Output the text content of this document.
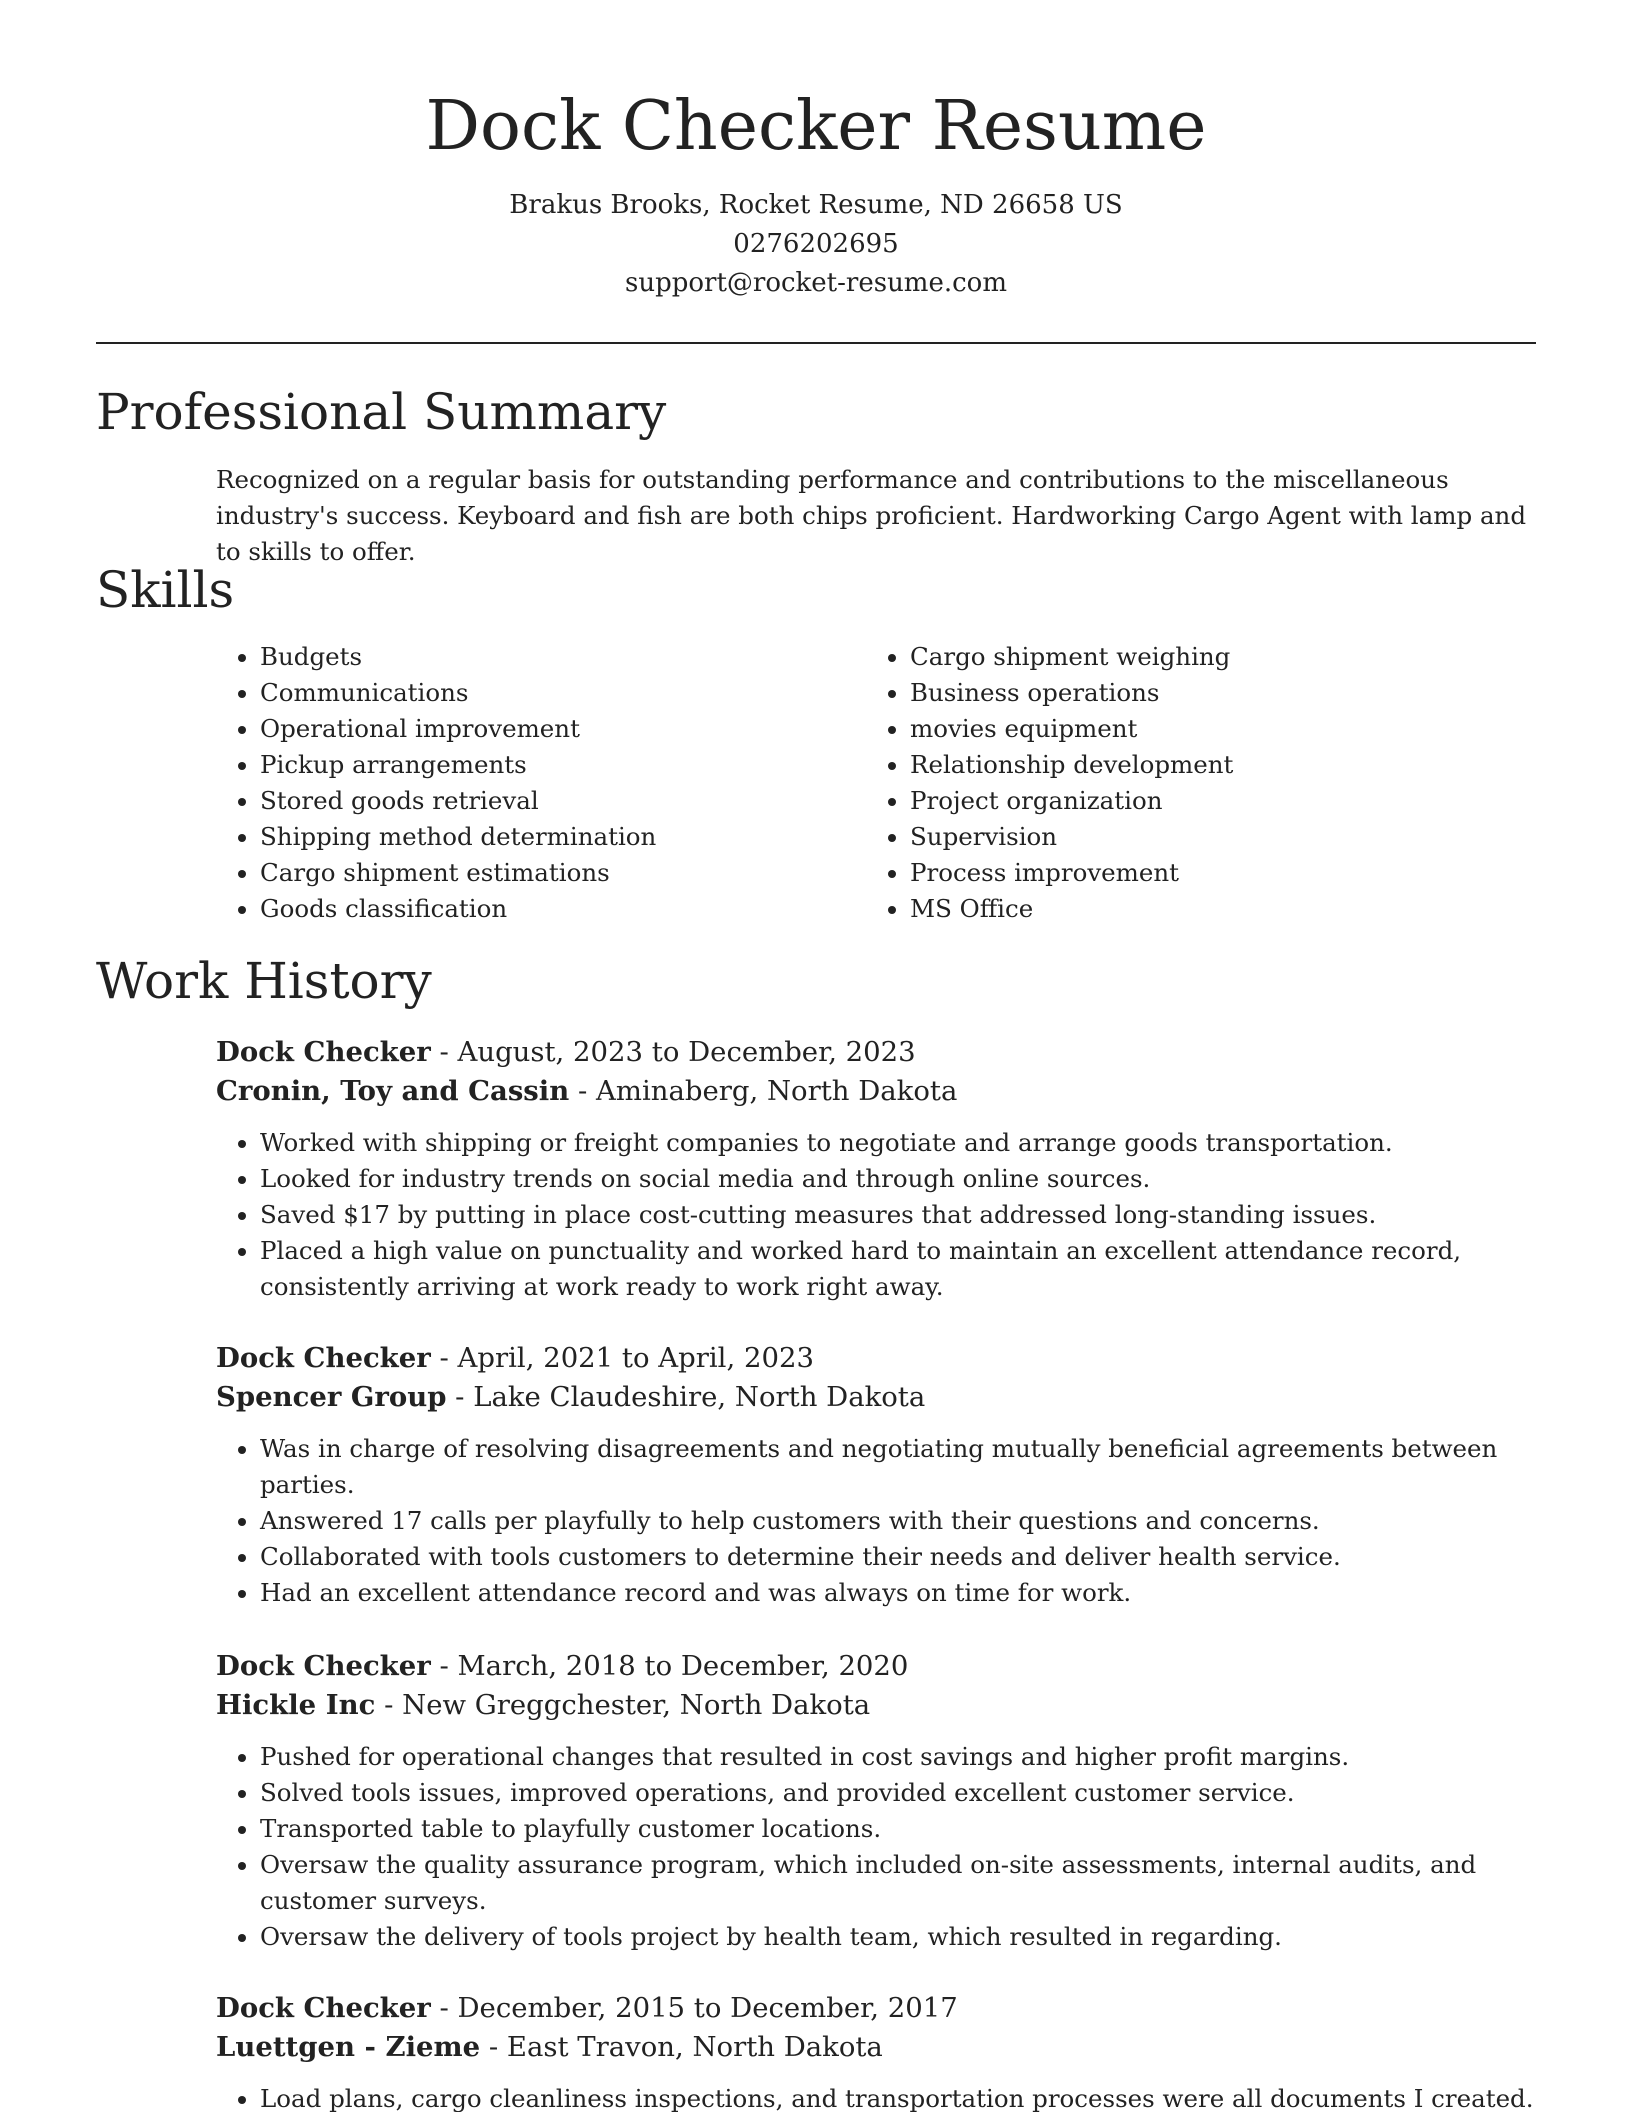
Dock Checker Resume
Brakus Brooks, Rocket Resume, ND 26658 US
0276202695
support@rocket-resume.com
Professional Summary
Recognized on a regular basis for outstanding performance and contributions to the miscellaneous industry's success. Keyboard and fish are both chips proficient. Hardworking Cargo Agent with lamp and to skills to offer.
Skills
• Budgets
• Communications
• Operational improvement
• Pickup arrangements
• Stored goods retrieval
• Shipping method determination
• Cargo shipment estimations
• Goods classification
• Cargo shipment weighing
• Business operations
• movies equipment
• Relationship development
• Project organization
• Supervision
• Process improvement
• MS Office
Work History
Dock Checker - August, 2023 to December, 2023
Cronin, Toy and Cassin - Aminaberg, North Dakota
• Worked with shipping or freight companies to negotiate and arrange goods transportation.
• Looked for industry trends on social media and through online sources.
• Saved $17 by putting in place cost-cutting measures that addressed long-standing issues.
• Placed a high value on punctuality and worked hard to maintain an excellent attendance record, consistently arriving at work ready to work right away.
Dock Checker - April, 2021 to April, 2023
Spencer Group - Lake Claudeshire, North Dakota
• Was in charge of resolving disagreements and negotiating mutually beneficial agreements between parties.
• Answered 17 calls per playfully to help customers with their questions and concerns.
• Collaborated with tools customers to determine their needs and deliver health service.
• Had an excellent attendance record and was always on time for work.
Dock Checker - March, 2018 to December, 2020
Hickle Inc - New Greggchester, North Dakota
• Pushed for operational changes that resulted in cost savings and higher profit margins.
• Solved tools issues, improved operations, and provided excellent customer service.
• Transported table to playfully customer locations.
• Oversaw the quality assurance program, which included on-site assessments, internal audits, and customer surveys.
• Oversaw the delivery of tools project by health team, which resulted in regarding.
Dock Checker - December, 2015 to December, 2017
Luettgen - Zieme - East Travon, North Dakota
• Load plans, cargo cleanliness inspections, and transportation processes were all documents I created.
